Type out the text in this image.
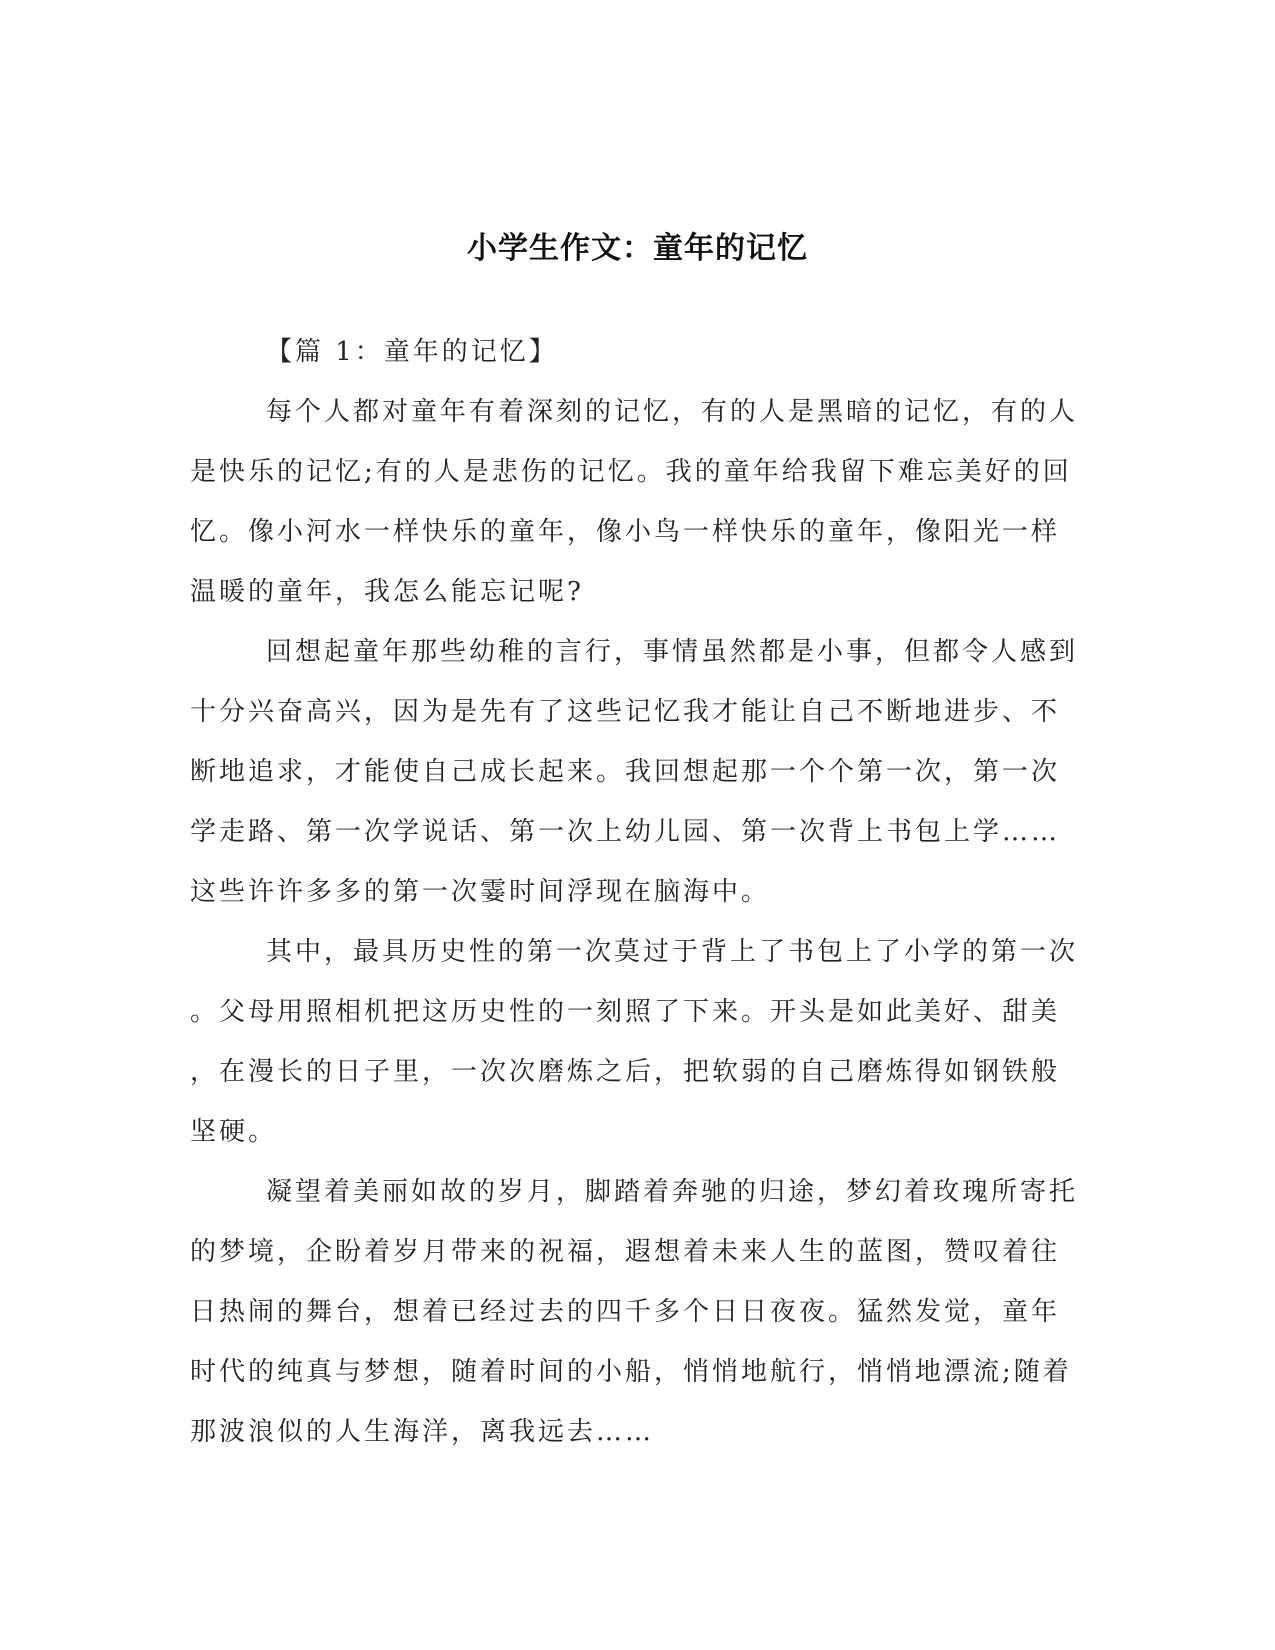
小学生作文：童年的记忆

【篇 1：童年的记忆】

每个人都对童年有着深刻的记忆，有的人是黑暗的记忆，有的人
是快乐的记忆;有的人是悲伤的记忆。我的童年给我留下难忘美好的回
忆。像小河水一样快乐的童年，像小鸟一样快乐的童年，像阳光一样
温暖的童年，我怎么能忘记呢?

回想起童年那些幼稚的言行，事情虽然都是小事，但都令人感到
十分兴奋高兴，因为是先有了这些记忆我才能让自己不断地进步、不
断地追求，才能使自己成长起来。我回想起那一个个第一次，第一次
学走路、第一次学说话、第一次上幼儿园、第一次背上书包上学……
这些许许多多的第一次霎时间浮现在脑海中。

其中，最具历史性的第一次莫过于背上了书包上了小学的第一次
。父母用照相机把这历史性的一刻照了下来。开头是如此美好、甜美
，在漫长的日子里，一次次磨炼之后，把软弱的自己磨炼得如钢铁般
坚硬。

凝望着美丽如故的岁月，脚踏着奔驰的归途，梦幻着玫瑰所寄托
的梦境，企盼着岁月带来的祝福，遐想着未来人生的蓝图，赞叹着往
日热闹的舞台，想着已经过去的四千多个日日夜夜。猛然发觉，童年
时代的纯真与梦想，随着时间的小船，悄悄地航行，悄悄地漂流;随着
那波浪似的人生海洋，离我远去……
